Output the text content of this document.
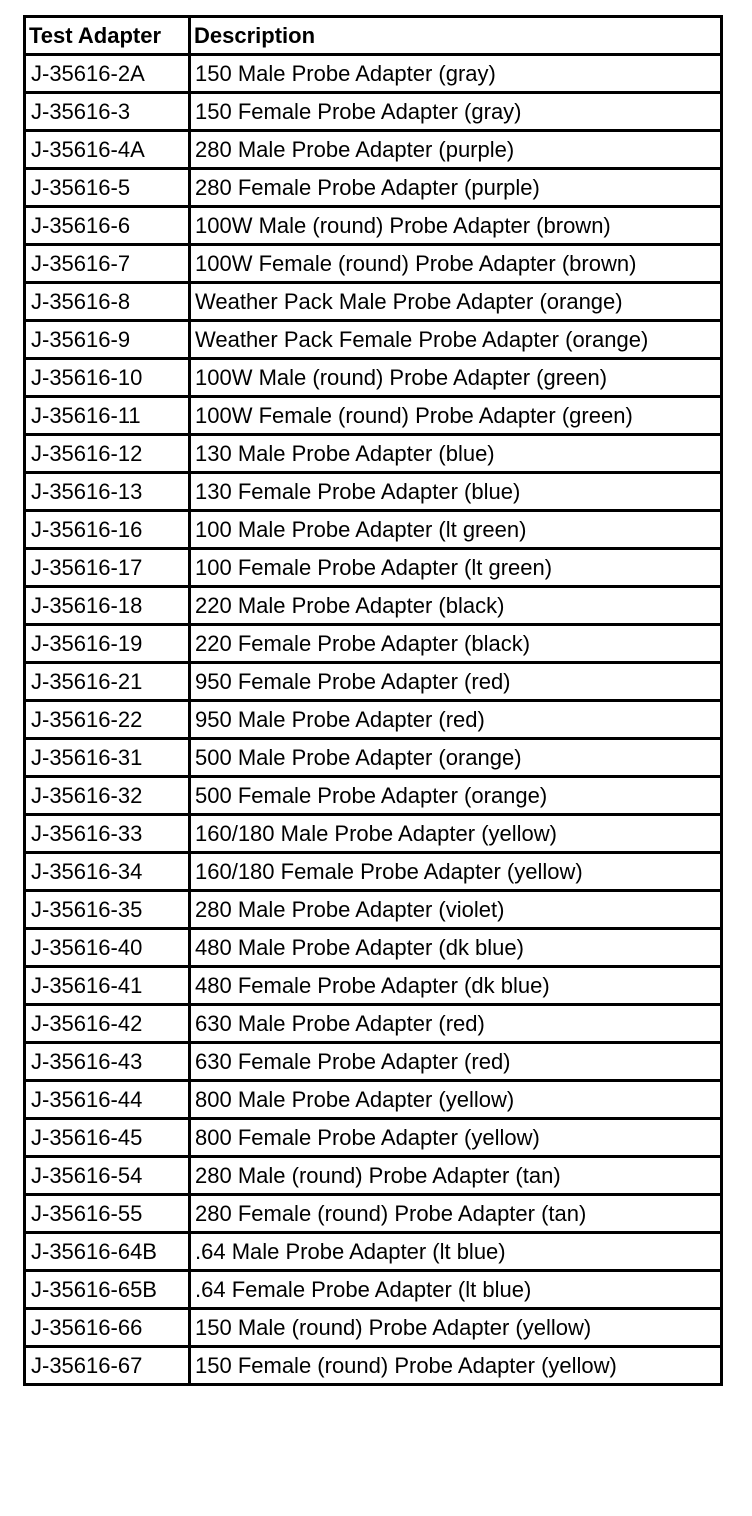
Test Adapter	Description
J-35616-2A	150 Male Probe Adapter (gray)
J-35616-3	150 Female Probe Adapter (gray)
J-35616-4A	280 Male Probe Adapter (purple)
J-35616-5	280 Female Probe Adapter (purple)
J-35616-6	100W Male (round) Probe Adapter (brown)
J-35616-7	100W Female (round) Probe Adapter (brown)
J-35616-8	Weather Pack Male Probe Adapter (orange)
J-35616-9	Weather Pack Female Probe Adapter (orange)
J-35616-10	100W Male (round) Probe Adapter (green)
J-35616-11	100W Female (round) Probe Adapter (green)
J-35616-12	130 Male Probe Adapter (blue)
J-35616-13	130 Female Probe Adapter (blue)
J-35616-16	100 Male Probe Adapter (lt green)
J-35616-17	100 Female Probe Adapter (lt green)
J-35616-18	220 Male Probe Adapter (black)
J-35616-19	220 Female Probe Adapter (black)
J-35616-21	950 Female Probe Adapter (red)
J-35616-22	950 Male Probe Adapter (red)
J-35616-31	500 Male Probe Adapter (orange)
J-35616-32	500 Female Probe Adapter (orange)
J-35616-33	160/180 Male Probe Adapter (yellow)
J-35616-34	160/180 Female Probe Adapter (yellow)
J-35616-35	280 Male Probe Adapter (violet)
J-35616-40	480 Male Probe Adapter (dk blue)
J-35616-41	480 Female Probe Adapter (dk blue)
J-35616-42	630 Male Probe Adapter (red)
J-35616-43	630 Female Probe Adapter (red)
J-35616-44	800 Male Probe Adapter (yellow)
J-35616-45	800 Female Probe Adapter (yellow)
J-35616-54	280 Male (round) Probe Adapter (tan)
J-35616-55	280 Female (round) Probe Adapter (tan)
J-35616-64B	.64 Male Probe Adapter (lt blue)
J-35616-65B	.64 Female Probe Adapter (lt blue)
J-35616-66	150 Male (round) Probe Adapter (yellow)
J-35616-67	150 Female (round) Probe Adapter (yellow)
